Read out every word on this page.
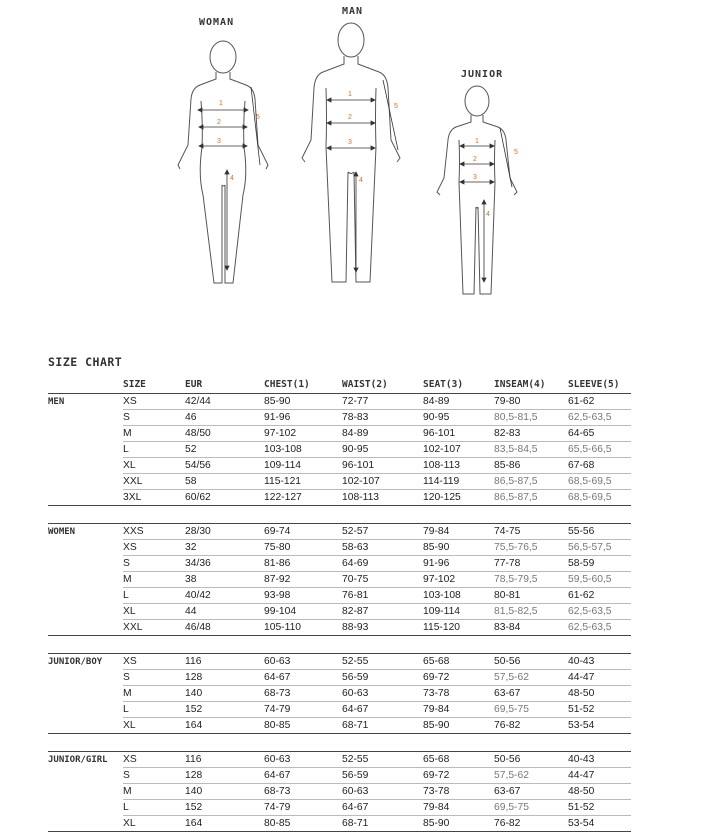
WOMAN
MAN
JUNIOR
1
2
3
4
5
1
2
3
4
5
1
2
3
4
5
SIZE CHART
	SIZE	EUR	CHEST(1)	WAIST(2)	SEAT(3)	INSEAM(4)	SLEEVE(5)
MEN	XS	42/44	85-90	72-77	84-89	79-80	61-62
	S	46	91-96	78-83	90-95	80,5-81,5	62,5-63,5
	M	48/50	97-102	84-89	96-101	82-83	64-65
	L	52	103-108	90-95	102-107	83,5-84,5	65,5-66,5
	XL	54/56	109-114	96-101	108-113	85-86	67-68
	XXL	58	115-121	102-107	114-119	86,5-87,5	68,5-69,5
	3XL	60/62	122-127	108-113	120-125	86,5-87,5	68,5-69,5

WOMEN	XXS	28/30	69-74	52-57	79-84	74-75	55-56
	XS	32	75-80	58-63	85-90	75,5-76,5	56,5-57,5
	S	34/36	81-86	64-69	91-96	77-78	58-59
	M	38	87-92	70-75	97-102	78,5-79,5	59,5-60,5
	L	40/42	93-98	76-81	103-108	80-81	61-62
	XL	44	99-104	82-87	109-114	81,5-82,5	62,5-63,5
	XXL	46/48	105-110	88-93	115-120	83-84	62,5-63,5

JUNIOR/BOY	XS	116	60-63	52-55	65-68	50-56	40-43
	S	128	64-67	56-59	69-72	57,5-62	44-47
	M	140	68-73	60-63	73-78	63-67	48-50
	L	152	74-79	64-67	79-84	69,5-75	51-52
	XL	164	80-85	68-71	85-90	76-82	53-54

JUNIOR/GIRL	XS	116	60-63	52-55	65-68	50-56	40-43
	S	128	64-67	56-59	69-72	57,5-62	44-47
	M	140	68-73	60-63	73-78	63-67	48-50
	L	152	74-79	64-67	79-84	69,5-75	51-52
	XL	164	80-85	68-71	85-90	76-82	53-54
